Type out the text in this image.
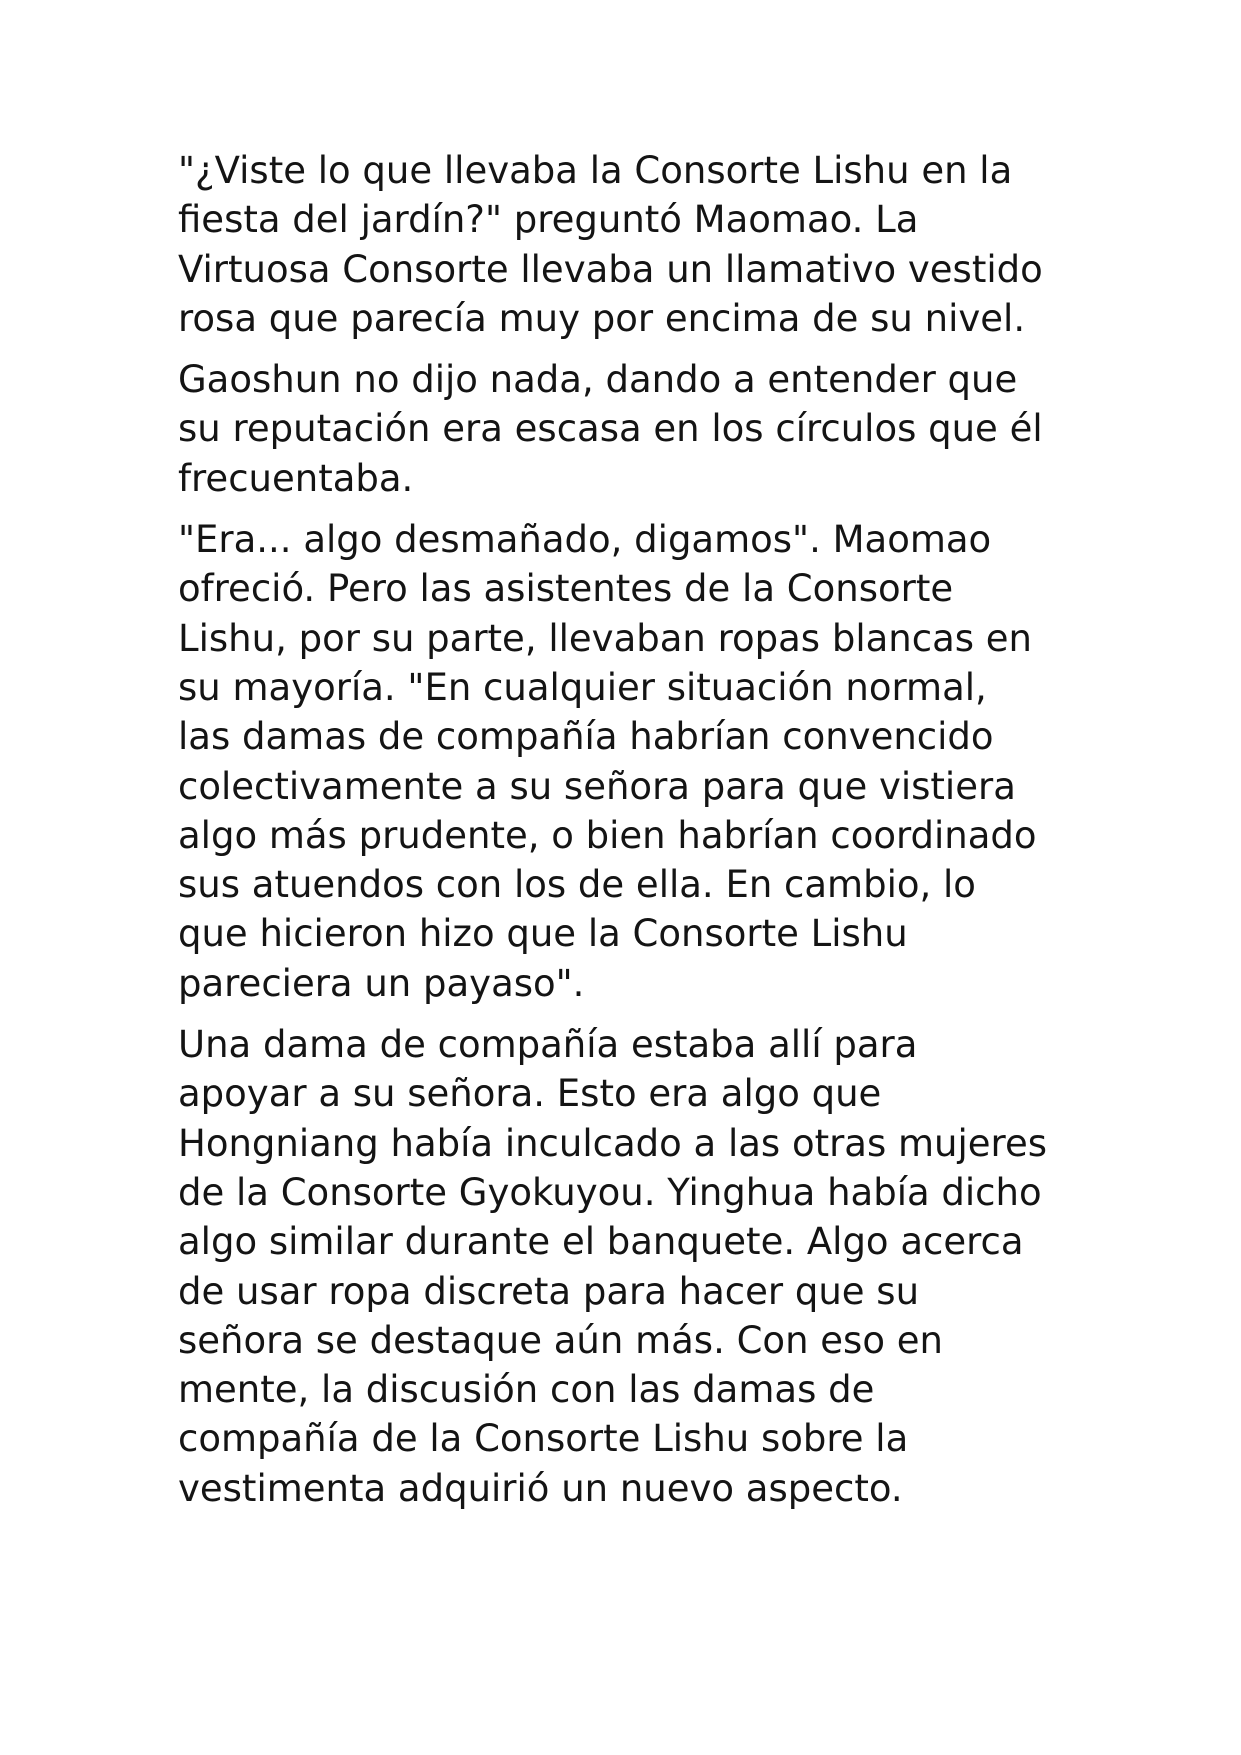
"¿Viste lo que llevaba la Consorte Lishu en la
fiesta del jardín?" preguntó Maomao. La
Virtuosa Consorte llevaba un llamativo vestido
rosa que parecía muy por encima de su nivel.

Gaoshun no dijo nada, dando a entender que
su reputación era escasa en los círculos que él
frecuentaba.

"Era... algo desmañado, digamos". Maomao
ofreció. Pero las asistentes de la Consorte
Lishu, por su parte, llevaban ropas blancas en
su mayoría. "En cualquier situación normal,
las damas de compañía habrían convencido
colectivamente a su señora para que vistiera
algo más prudente, o bien habrían coordinado
sus atuendos con los de ella. En cambio, lo
que hicieron hizo que la Consorte Lishu
pareciera un payaso".

Una dama de compañía estaba allí para
apoyar a su señora. Esto era algo que
Hongniang había inculcado a las otras mujeres
de la Consorte Gyokuyou. Yinghua había dicho
algo similar durante el banquete. Algo acerca
de usar ropa discreta para hacer que su
señora se destaque aún más. Con eso en
mente, la discusión con las damas de
compañía de la Consorte Lishu sobre la
vestimenta adquirió un nuevo aspecto.
